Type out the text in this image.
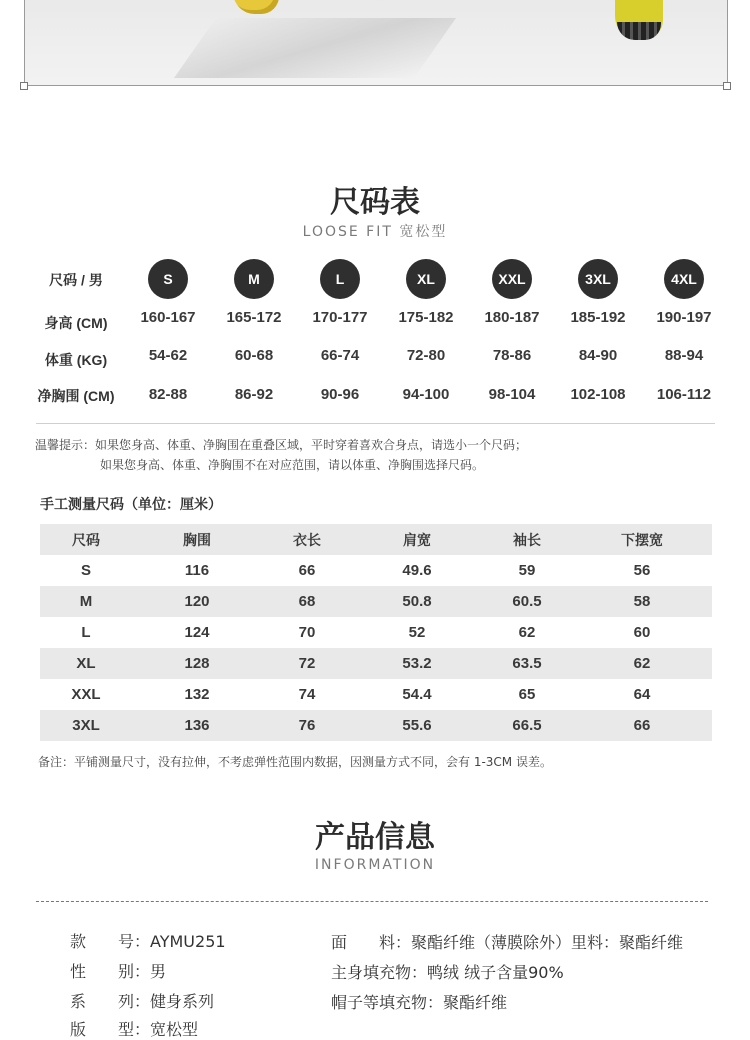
尺码表
LOOSE FIT 宽松型
尺码 / 男	S	M	L	XL	XXL	3XL	4XL
身高 (CM)	160-167	165-172	170-177	175-182	180-187	185-192	190-197
体重 (KG)	54-62	60-68	66-74	72-80	78-86	84-90	88-94
净胸围 (CM)	82-88	86-92	90-96	94-100	98-104	102-108	106-112
温馨提示：如果您身高、体重、净胸围在重叠区域，平时穿着喜欢合身点，请选小一个尺码；
如果您身高、体重、净胸围不在对应范围，请以体重、净胸围选择尺码。
手工测量尺码（单位：厘米）
尺码	胸围	衣长	肩宽	袖长	下摆宽
S	116	66	49.6	59	56
M	120	68	50.8	60.5	58
L	124	70	52	62	60
XL	128	72	53.2	63.5	62
XXL	132	74	54.4	65	64
3XL	136	76	55.6	66.5	66
备注：平铺测量尺寸，没有拉伸，不考虑弹性范围内数据，因测量方式不同，会有 1-3CM 误差。
产品信息
INFORMATION
款　　号：AYMU251
性　　别：男
系　　列：健身系列
版　　型：宽松型
面　　料：聚酯纤维（薄膜除外）里料：聚酯纤维
主身填充物：鸭绒 绒子含量90%
帽子等填充物：聚酯纤维
